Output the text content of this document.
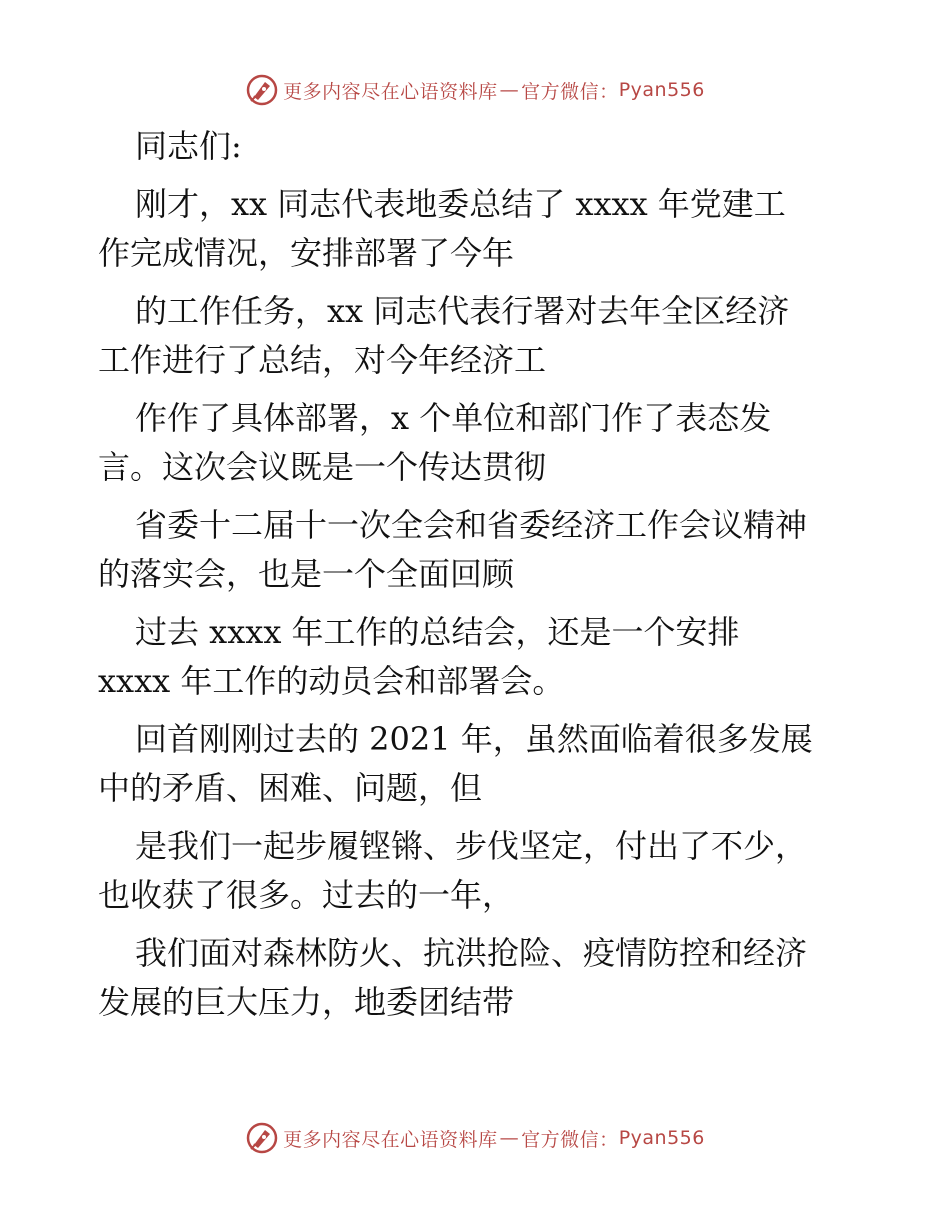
更多内容尽在心语资料库 — 官方微信： Pyan556
同志们:
刚才，xx 同志代表地委总结了 xxxx 年党建工
作完成情况，安排部署了今年
的工作任务，xx 同志代表行署对去年全区经济
工作进行了总结，对今年经济工
作作了具体部署，x 个单位和部门作了表态发
言。这次会议既是一个传达贯彻
省委十二届十一次全会和省委经济工作会议精神
的落实会，也是一个全面回顾
过去 xxxx 年工作的总结会，还是一个安排
xxxx 年工作的动员会和部署会。
回首刚刚过去的 2021 年，虽然面临着很多发展
中的矛盾、困难、问题，但
是我们一起步履铿锵、步伐坚定，付出了不少，
也收获了很多。过去的一年，
我们面对森林防火、抗洪抢险、疫情防控和经济
发展的巨大压力，地委团结带
更多内容尽在心语资料库 — 官方微信： Pyan556
